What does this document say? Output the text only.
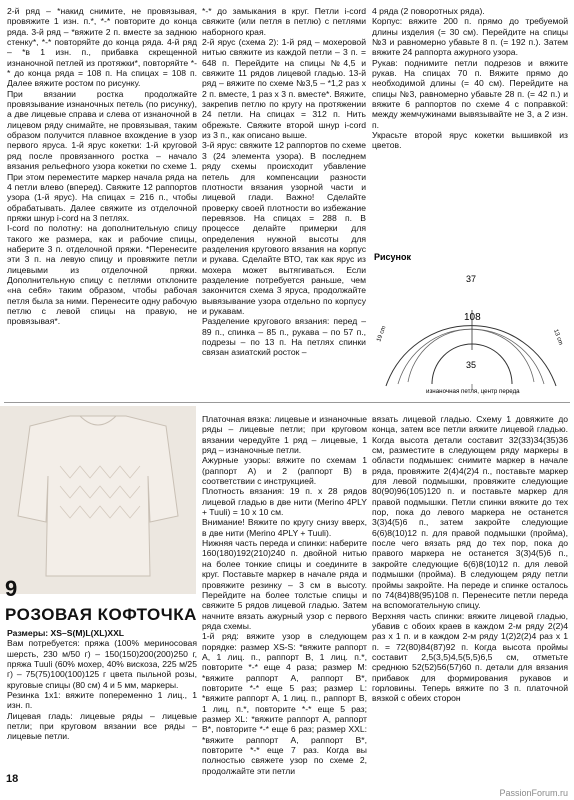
2-й ряд – *накид снимите, не провязывая, провяжите 1 изн. п.*, *-* повторите до конца ряда. 3-й ряд – *вяжите 2 п. вместе за заднюю стенку*, *-* повторяйте до конца ряда. 4-й ряд – *в 1 изн. п., прибавка скрещенной изнаночной петлей из протяжки*, повторяйте *-* до конца ряда = 108 п. На спицах = 108 п. Далее вяжите ростом по рисунку.

При вязании ростка продолжайте провязывание изнаночных петель (по рисунку), а две лицевые справа и слева от изнаночной в лицевом ряду снимайте, не провязывая, таким образом получится плавное вхождение в узор первого яруса. 1-й ярус кокетки: 1-й круговой ряд после провязанного ростка – начало вязания рельефного узора кокетки по схеме 1. При этом переместите маркер начала ряда на 4 петли влево (вперед). Свяжите 12 раппортов узора (1-й ярус). На спицах = 216 п., чтобы обрабатывать. Далее свяжите из отделочной пряжи шнур i-cord на 3 петлях.

I-cord по полотну: на дополнительную спицу такого же размера, как и рабочие спицы, наберите 3 п. отделочной пряжи. *Перенесите эти 3 п. на левую спицу и провяжите петли лицевыми из отделочной пряжи. Дополнительную спицу с петлями отклоните «на себя» таким образом, чтобы рабочая петля была за ними. Перенесите одну рабочую петлю с левой спицы на правую, не провязывая*.

*-* до замыкания в круг. Петли i-cord свяжите (или петля в петлю) с петлями наборного края.

2-й ярус (схема 2): 1-й ряд – мохеровой нитью свяжите из каждой петли – 3 п. = 648 п. Перейдите на спицы №4,5 и свяжите 11 рядов лицевой гладью. 13-й ряд – вяжите по схеме №3,5 – *1,2 раз x 2 п. вместе, 1 раз x 3 п. вместе*. Вяжите, закрепив петлю по кругу на протяжении 24 петли. На спицах = 312 п. Нить обрежьте. Свяжите второй шнур i-cord из 3 п., как описано выше.

3-й ярус: свяжите 12 раппортов по схеме 3 (24 элемента узора). В последнем ряду схемы происходит убавление петель для компенсации разности плотности вязания узорной части и лицевой глади. Важно! Сделайте проверку своей плотности во избежание перевязов. На спицах = 288 п. В процессе делайте примерки для определения нужной высоты для разделения кругового вязания на корпус и рукава. Сделайте ВТО, так как ярус из мохера может вытягиваться. Если разделение потребуется раньше, чем закончится схема 3 яруса, продолжайте вывязывание узора отдельно по корпусу и рукавам.

Разделение кругового вязания: перед – 89 п., спинка – 85 п., рукава – по 57 п., подрезы – по 13 п. На петлях спинки связан азиатский росток –

4 ряда (2 поворотных ряда).

Корпус: вяжите 200 п. прямо до требуемой длины изделия (= 30 см). Перейдите на спицы №3 и равномерно убавьте 8 п. (= 192 п.). Затем вяжите 24 раппорта ажурного узора.

Рукав: поднимите петли подрезов и вяжите рукав. На спицах 70 п. Вяжите прямо до необходимой длины (= 40 см). Перейдите на спицы №3, равномерно убавьте 28 п. (= 42 п.) и вяжите 6 раппортов по схеме 4 с поправкой: между жемчужинами вывязывайте не 3, а 2 изн. п.

Украсьте второй ярус кокетки вышивкой из цветов.

Рисунок
37
108
35
19 cm	13 cm
изнаночная петля, центр переда
9
РОЗОВАЯ КОФТОЧКА

Размеры: XS–S(M)L(XL)XXL

Вам потребуется: пряжа (100% мериносовая шерсть, 230 м/50 г) – 150(150)200(200)250 г, пряжа Tuuli (60% мохер, 40% вискоза, 225 м/25 г) – 75(75)100(100)125 г цвета пыльной розы, круговые спицы (80 см) 4 и 5 мм, маркеры.

Резинка 1x1: вяжите попеременно 1 лиц., 1 изн. п.

Лицевая гладь: лицевые ряды – лицевые петли; при круговом вязании все ряды – лицевые петли.

Платочная вязка: лицевые и изнаночные ряды – лицевые петли; при круговом вязании чередуйте 1 ряд – лицевые, 1 ряд – изнаночные петли.

Ажурные узоры: вяжите по схемам 1 (раппорт A) и 2 (раппорт B) в соответствии с инструкцией.

Плотность вязания: 19 п. x 28 рядов лицевой гладью в две нити (Merino 4PLY + Tuuli) = 10 x 10 см.

Внимание! Вяжите по кругу снизу вверх, в две нити (Merino 4PLY + Tuuli).

Нижняя часть переда и спинки: наберите 160(180)192(210)240 п. двойной нитью на более тонкие спицы и соедините в круг. Поставьте маркер в начале ряда и провяжите резинку – 3 см в высоту. Перейдите на более толстые спицы и свяжите 5 рядов лицевой гладью. Затем начните вязать ажурный узор с первого ряда схемы.

1-й ряд: вяжите узор в следующем порядке: размер XS-S: *вяжите раппорт A, 1 лиц. п., раппорт B, 1 лиц. п.*, повторите *-* еще 4 раза; размер M: *вяжите раппорт A, раппорт B*, повторите *-* еще 5 раз; размер L: *вяжите раппорт A, 1 лиц. п., раппорт B, 1 лиц. п.*, повторите *-* еще 5 раз; размер XL: *вяжите раппорт A, раппорт B*, повторите *-* еще 6 раз; размер XXL: *вяжите раппорт A, раппорт B*, повторите *-* еще 7 раз. Когда вы полностью свяжете узор по схеме 2, продолжайте эти петли

вязать лицевой гладью. Схему 1 довяжите до конца, затем все петли вяжите лицевой гладью. Когда высота детали составит 32(33)34(35)36 см, разместите в следующем ряду маркеры в области подмышек: снимите маркер в начале ряда, провяжите 2(4)4(2)4 п., поставьте маркер для левой подмышки, провяжите следующие 80(90)96(105)120 п. и поставьте маркер для правой подмышки. Петли спинки вяжите до тех пор, пока до левого маркера не останется 3(3)4(5)6 п., затем закройте следующие 6(6)8(10)12 п. для правой подмышки (пройма), после чего вязать ряд до тех пор, пока до правого маркера не останется 3(3)4(5)6 п., закройте следующие 6(6)8(10)12 п. для левой подмышки (пройма). В следующем ряду петли проймы закройте. На переде и спинке осталось по 74(84)88(95)108 п. Перенесите петли переда на вспомогательную спицу.

Верхняя часть спинки: вяжите лицевой гладью, убавив с обоих краев в каждом 2-м ряду 2(2)4 раз x 1 п. и в каждом 2-м ряду 1(2)2(2)4 раз x 1 п. = 72(80)84(87)92 п. Когда высота проймы составит 2,5(3,5)4,5(5,5)6,5 см, отметьте среднюю 52(52)56(57)60 п. детали для вязания прибавок для формирования рукавов и горловины. Теперь вяжите по 3 п. платочной вязкой с обеих сторон

18
PassionForum.ru
